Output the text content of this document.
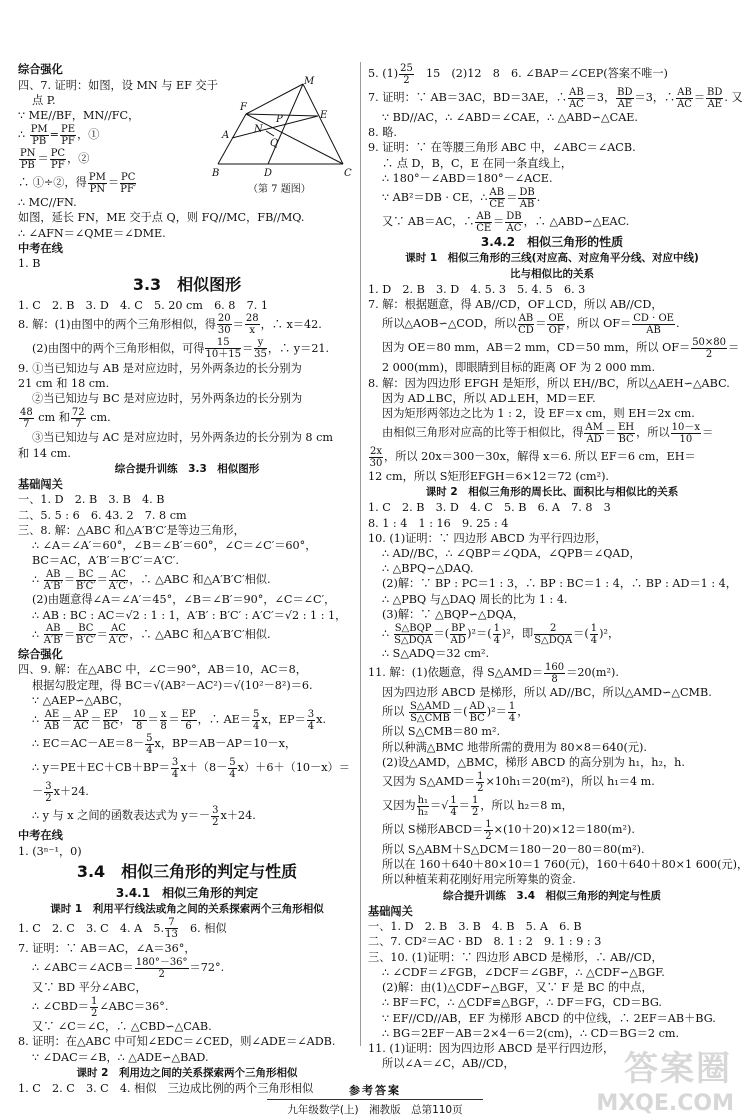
综合强化
四、7. 证明：如图，设 MN 与 EF 交于
点 P.
∵ ME//BF，MN//FC，
∴ $\frac{PM}{PB} = \frac{PE}{PF}$ ，①
$\frac{PN}{PB} = \frac{PC}{PF}$ ，②
∴ ①÷②，得 $\frac{PM}{PN} = \frac{PC}{PF'}$
∴ MC//FN.
如图，延长 FN，ME 交于点 Q，则 FQ//MC，FB//MQ.
∴ ∠AFN＝∠QME＝∠DME.
中考在线
1. B
3.3　相似图形
1. C　2. B　3. D　4. C　5. 20 cm　6. 8　7. 1
8. 解：(1)由图中的两个三角形相似，得 $\frac{20}{30} = \frac{28}{x}$ ，∴ x＝42.
(2)由图中的两个三角形相似，可得 $\frac{15}{10+15} = \frac{y}{35}$ ，∴ y＝21.
9. ①当已知边与 AB 是对应边时，另外两条边的长分别为
21 cm 和 18 cm.
②当已知边与 BC 是对应边时，另外两条边的长分别为
$\frac{48}{7}$ cm 和 $\frac{72}{7}$ cm.
③当已知边与 AC 是对应边时，另外两条边的长分别为 8 cm
和 14 cm.
综合提升训练　3.3　相似图形
基础闯关
一、1. D　2. B　3. B　4. B
二、5. 5 : 6　6. 43. 2　7. 8 cm
三、8. 解：△ABC 和△A′B′C′是等边三角形，
∴ ∠A＝∠A′＝60°，∠B＝∠B′＝60°，∠C＝∠C′＝60°，
BC＝AC，A′B′＝B′C′＝A′C′.
∴ $\frac{AB}{A'B'} = \frac{BC}{B'C'} = \frac{AC}{A'C'}$ ，∴ △ABC 和△A′B′C′相似.
(2)由题意得∠A＝∠A′＝45°，∠B＝∠B′＝90°，∠C＝∠C′，
∴ AB : BC : AC＝√2 : 1 : 1，A′B′ : B′C′ : A′C′＝√2 : 1 : 1，
∴ $\frac{AB}{A'B'} = \frac{BC}{B'C'} = \frac{AC}{A'C'}$ ，∴ △ABC 和△A′B′C′相似.
综合强化
四、9. 解：在△ABC 中，∠C＝90°，AB＝10，AC＝8，
根据勾股定理，得 BC＝√(AB²－AC²)＝√(10²－8²)＝6.
∵ △AEP∽△ABC，
∴ $\frac{AE}{AB} = \frac{AP}{AC} = \frac{EP}{BC}$ ， $\frac{10}{8} = \frac{x}{8} = \frac{EP}{6}$ ，∴ $AE= \frac{5}{4}$ x，$EP= \frac{3}{4} x$.
∴ $EC=AC-AE=8- \frac{5}{4}$ x，BP＝AB－AP＝10－x，
∴ $y=PE+EC+CB+BP= \frac{3}{4} x+(8- \frac{5}{4} x)+6+(10-x)=$
－ $\frac{3}{2} x+24$.
∴ y 与 x 之间的函数表达式为 $y=- \frac{3}{2} x+24$.
中考在线
1. (3ⁿ⁻¹，0)
3.4　相似三角形的判定与性质
3.4.1　相似三角形的判定
课时 1　利用平行线法或角之间的关系探索两个三角形相似
1. C　2. C　3. C　4. A　5. $\frac{7}{13}$ 　6. 相似
7. 证明：∵ AB＝AC，∠A＝36°，
∴ ∠ABC＝∠ACB＝ $\frac{180^\circ-36^\circ}{2} =72^\circ$.
又∵ BD 平分∠ABC，
∴ ∠CBD＝ $\frac{1}{2}$ ∠ABC＝36°.
又∵ ∠C＝∠C，∴ △CBD∽△CAB.
8. 证明：在△ABC 中可知∠EDC＝∠CED，则∠ADE＝∠ADB.
∵ ∠DAC＝∠B，∴ △ADE∽△BAD.
课时 2　利用边之间的关系探索两个三角形相似
1. C　2. C　3. C　4. 相似　三边成比例的两个三角形相似
M
F
A
E
N
P
Q
B	D	C
（第 7 题图）
5. $(1) \frac{25}{2}$ 　15　(2)12　8　6. ∠BAP＝∠CEP(答案不唯一)
7. 证明：∵ AB＝3AC，BD＝3AE，∴ $\frac{AB}{AC} =3$， $\frac{BD}{AE} =3$，∴ $\frac{AB}{AC} = \frac{BD}{AE}$ . 又
∵ BD//AC，∴ ∠ABD＝∠CAE，∴ △ABD∽△CAE.
8. 略.
9. 证明：∵ 在等腰三角形 ABC 中，∠ABC＝∠ACB.
∴ 点 D，B，C，E 在同一条直线上，
∴ 180°－∠ABD＝180°－∠ACE.
∵ AB²＝DB · CE，∴ $\frac{AB}{CE} = \frac{DB}{AB}$ .
又∵ AB＝AC，∴ $\frac{AB}{CE} = \frac{DB}{AC}$ ，∴ △ABD∽△EAC.
3.4.2　相似三角形的性质
课时 1　相似三角形的三线(对应高、对应角平分线、对应中线)
比与相似比的关系
1. D　2. B　3. D　4. 5. 3　5. 4. 5　6. 3
7. 解：根据题意，得 AB//CD，OF⊥CD，所以 AB//CD，
所以△AOB∽△COD，所以 $\frac{AB}{CD} = \frac{OE}{OF}$ ，所以 $OF= \frac{CD \cdot OE}{AB}$ .
因为 OE＝80 mm，AB＝2 mm，CD＝50 mm，所以 $OF= \frac{50\times 80}{2}$ ＝
2 000(mm)，即眼睛到目标的距离 OF 为 2 000 mm.
8. 解：因为四边形 EFGH 是矩形，所以 EH//BC，所以△AEH∽△ABC.
因为 AD⊥BC，所以 AD⊥EH，MD＝EF.
因为矩形两邻边之比为 1 : 2，设 EF＝x cm，则 EH＝2x cm.
由相似三角形对应高的比等于相似比，得 $\frac{AM}{AD} = \frac{EH}{BC}$ ，所以 $\frac{10-x}{10}$ ＝
$\frac{2x}{30}$ ，所以 20x＝300－30x，解得 x＝6. 所以 EF＝6 cm，EH＝
12 cm，所以 S矩形EFGH＝6×12＝72 (cm²).
课时 2　相似三角形的周长比、面积比与相似比的关系
1. C　2. B　3. D　4. C　5. B　6. A　7. 8　3
8. 1 : 4　1 : 16　9. 25 : 4
10. (1)证明：∵ 四边形 ABCD 为平行四边形，
∴ AD//BC，∴ ∠QBP＝∠QDA，∠QPB＝∠QAD，
∴ △BPQ∽△DAQ.
(2)解：∵ BP : PC＝1 : 3，∴ BP : BC＝1 : 4，∴ BP : AD＝1 : 4，
∴ △PBQ 与△DAQ 周长的比为 1 : 4.
(3)解：∵ △BQP∽△DQA，
∴ $\frac{\text{S△BQP}}{\text{S△DQA}}$ ＝( $\frac{BP}{AD} )^2=( \frac{1}{4} )^2$，即 $\frac{2}{\text{S△DQA}}$ ＝( $\frac{1}{4} )^2$，
∴ S△ADQ＝32 cm².
11. 解：(1)依题意，得 S△AMD＝ $\frac{160}{8} =20(m^2)$.
因为四边形 ABCD 是梯形，所以 AD//BC，所以△AMD∽△CMB.
所以 $\frac{\text{S△AMD}}{\text{S△CMB}}$ ＝( $\frac{AD}{BC} )^2= \frac{1}{4}$ ，
所以 S△CMB＝80 m².
所以种满△BMC 地带所需的费用为 80×8＝640(元).
(2)设△AMD，△BMC，梯形 ABCD 的高分别为 h₁，h₂，h.
又因为 S△AMD＝ $\frac{1}{2} \times 10h_1=20(m^2)$，所以 h₁＝4 m.
又因为 $\frac{\text{h₁}}{\text{h₂}}$ ＝√ $\frac{1}{4} = \frac{1}{2}$ ，所以 h₂＝8 m，
所以 S梯形ABCD＝ $\frac{1}{2} \times(10+20)\times 12=180(m^2)$.
所以 S△ABM＋S△DCM＝180－20－80＝80(m²).
所以在 160＋640＋80×10＝1 760(元)，160＋640＋80×1 600(元)，
所以种植茉莉花刚好用完所筹集的资金.
综合提升训练　3.4　相似三角形的判定与性质
基础闯关
一、1. D　2. B　3. B　4. B　5. A　6. B
二、7. CD²＝AC · BD　8. 1 : 2　9. 1 : 9 : 3
三、10. (1)证明：∵ 四边形 ABCD 是梯形，∴ AB//CD，
∴ ∠CDF＝∠FGB，∠DCF＝∠GBF，∴ △CDF∽△BGF.
(2)解：由(1)△CDF∽△BGF，又∵ F 是 BC 的中点，
∴ BF＝FC，∴ △CDF≌△BGF，∴ DF＝FG，CD＝BG.
∵ EF//CD//AB，EF 为梯形 ABCD 的中位线，∴ 2EF＝AB＋BG.
∴ BG＝2EF－AB＝2×4－6＝2(cm)，∴ CD＝BG＝2 cm.
11. (1)证明：因为四边形 ABCD 是平行四边形，
所以∠A＝∠C，AB//CD，
参考答案
九年级数学(上)　湘教版　总第110页
答案圈
MXQE.COM
